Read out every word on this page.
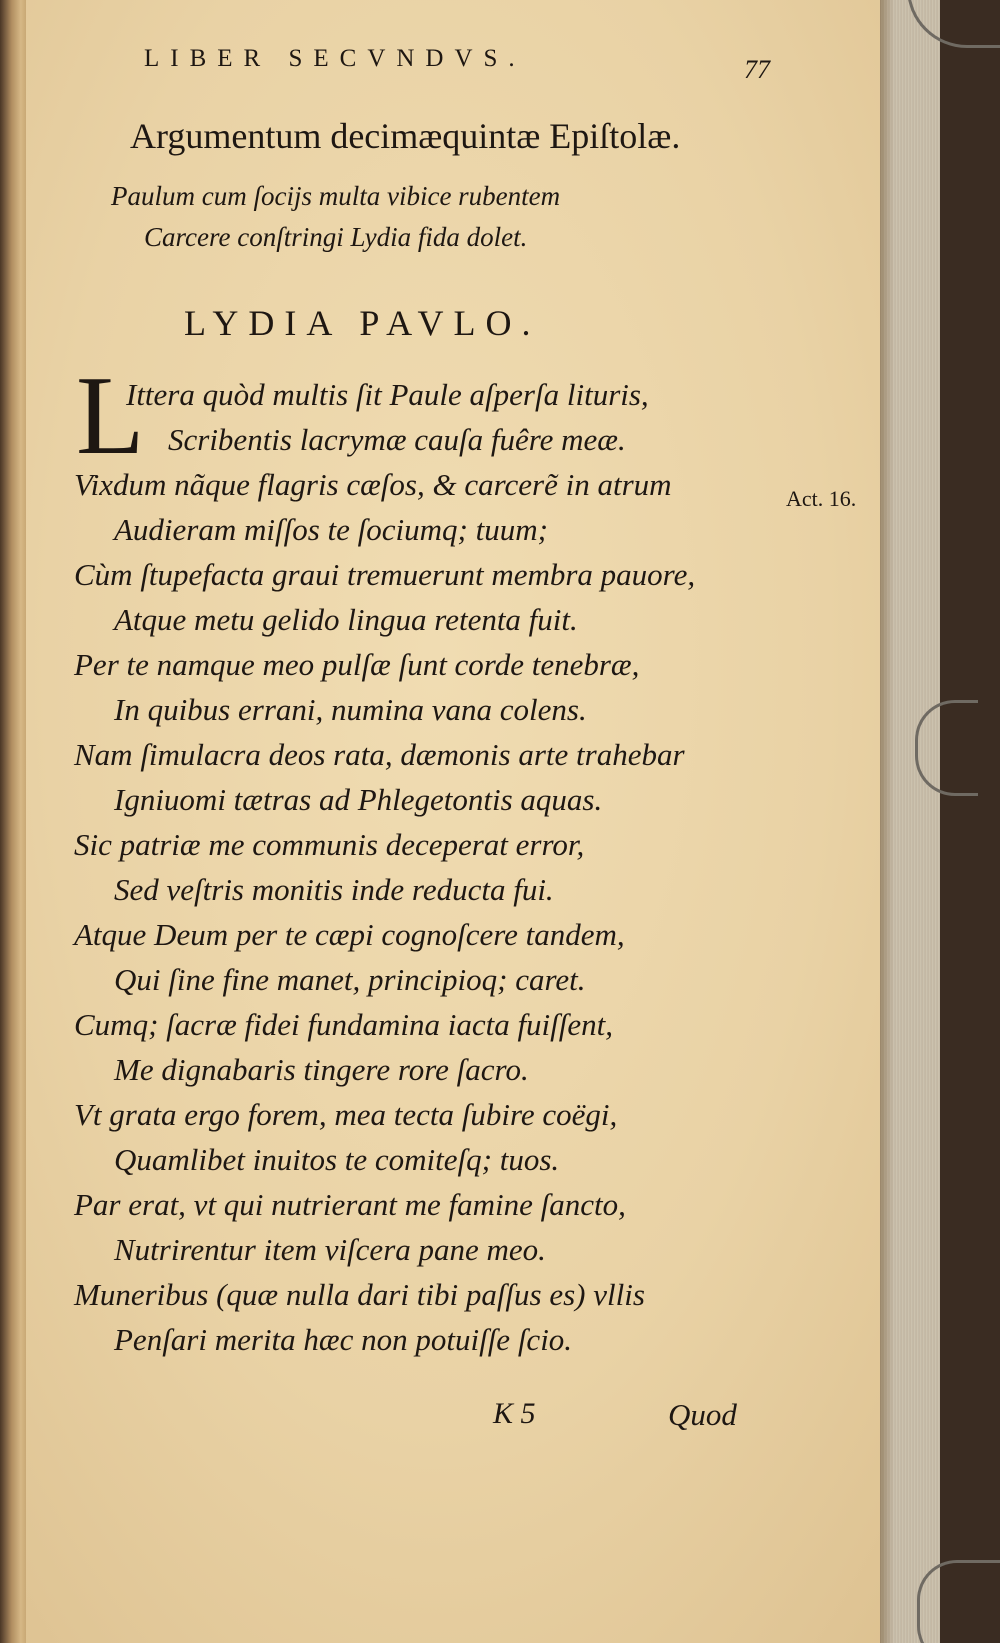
LIBER SECVNDVS.	77
Argumentum decimæquintæ Epiſtolæ.
Paulum cum ſocijs multa vibice rubentem
Carcere conſtringi Lydia fida dolet.
LYDIA PAVLO.
L
Ittera quòd multis ſit Paule aſperſa lituris,
Scribentis lacrymæ cauſa fuêre meæ.
Vixdum nãque flagris cæſos, & carcerẽ in atrum
Audieram miſſos te ſociumq; tuum;
Cùm ſtupefacta graui tremuerunt membra pauore,
Atque metu gelido lingua retenta fuit.
Per te namque meo pulſæ ſunt corde tenebræ,
In quibus errani, numina vana colens.
Nam ſimulacra deos rata, dæmonis arte trahebar
Igniuomi tætras ad Phlegetontis aquas.
Sic patriæ me communis deceperat error,
Sed veſtris monitis inde reducta fui.
Atque Deum per te cæpi cognoſcere tandem,
Qui ſine fine manet, principioq; caret.
Cumq; ſacræ fidei fundamina iacta fuiſſent,
Me dignabaris tingere rore ſacro.
Vt grata ergo forem, mea tecta ſubire coëgi,
Quamlibet inuitos te comiteſq; tuos.
Par erat, vt qui nutrierant me famine ſancto,
Nutrirentur item viſcera pane meo.
Muneribus (quæ nulla dari tibi paſſus es) vllis
Penſari merita hæc non potuiſſe ſcio.
Act. 16.
K 5	Quod
